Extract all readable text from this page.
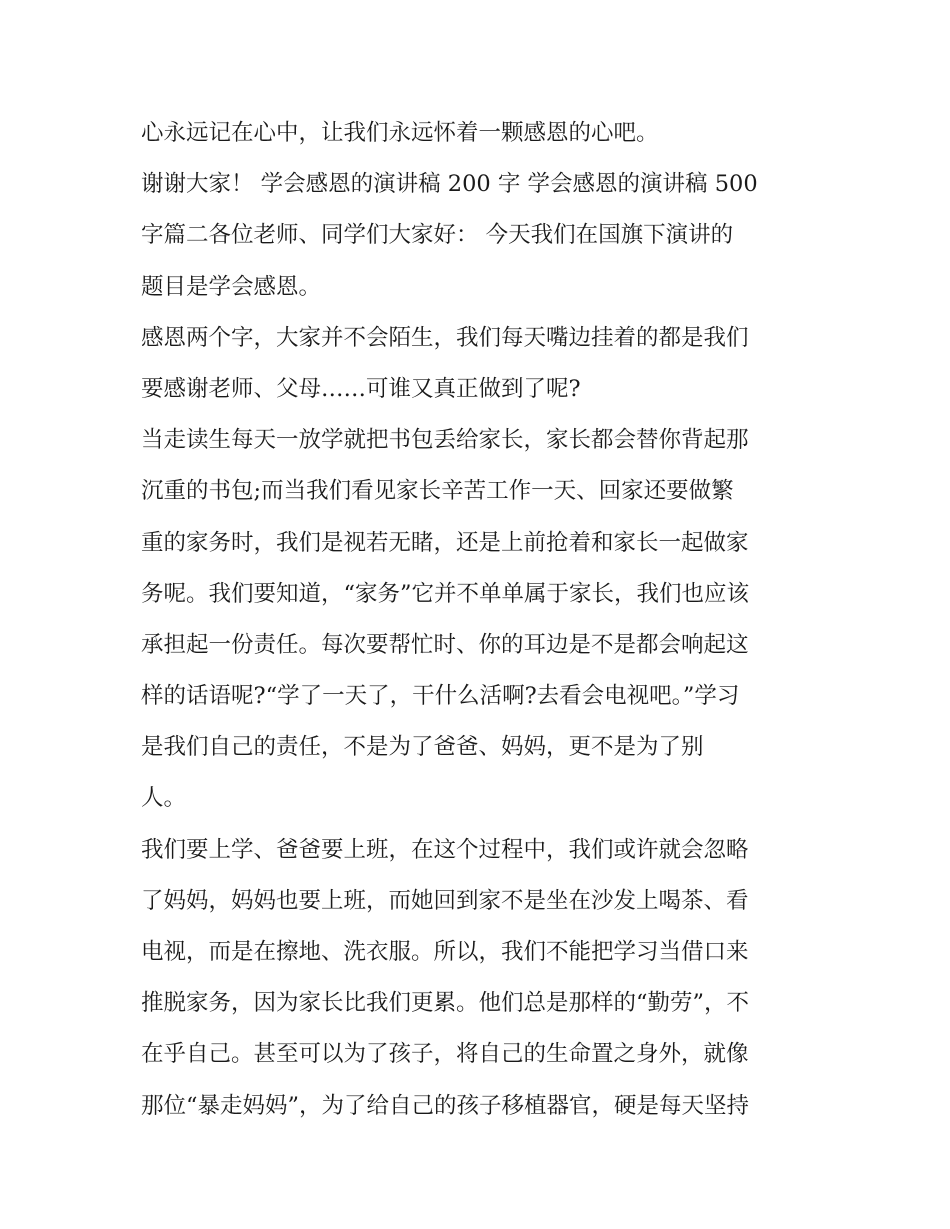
心永远记在心中，让我们永远怀着一颗感恩的心吧。
谢谢大家！ 学会感恩的演讲稿 200 字 学会感恩的演讲稿 500
字篇二各位老师、同学们大家好： 今天我们在国旗下演讲的
题目是学会感恩。
感恩两个字，大家并不会陌生，我们每天嘴边挂着的都是我们
要感谢老师、父母……可谁又真正做到了呢?
当走读生每天一放学就把书包丢给家长，家长都会替你背起那
沉重的书包;而当我们看见家长辛苦工作一天、回家还要做繁
重的家务时，我们是视若无睹，还是上前抢着和家长一起做家
务呢。我们要知道，“家务”它并不单单属于家长，我们也应该
承担起一份责任。每次要帮忙时、你的耳边是不是都会响起这
样的话语呢?“学了一天了，干什么活啊?去看会电视吧。”学习
是我们自己的责任，不是为了爸爸、妈妈，更不是为了别
人。
我们要上学、爸爸要上班，在这个过程中，我们或许就会忽略
了妈妈，妈妈也要上班，而她回到家不是坐在沙发上喝茶、看
电视，而是在擦地、洗衣服。所以，我们不能把学习当借口来
推脱家务，因为家长比我们更累。他们总是那样的“勤劳”，不
在乎自己。甚至可以为了孩子，将自己的生命置之身外，就像
那位“暴走妈妈”，为了给自己的孩子移植器官，硬是每天坚持
